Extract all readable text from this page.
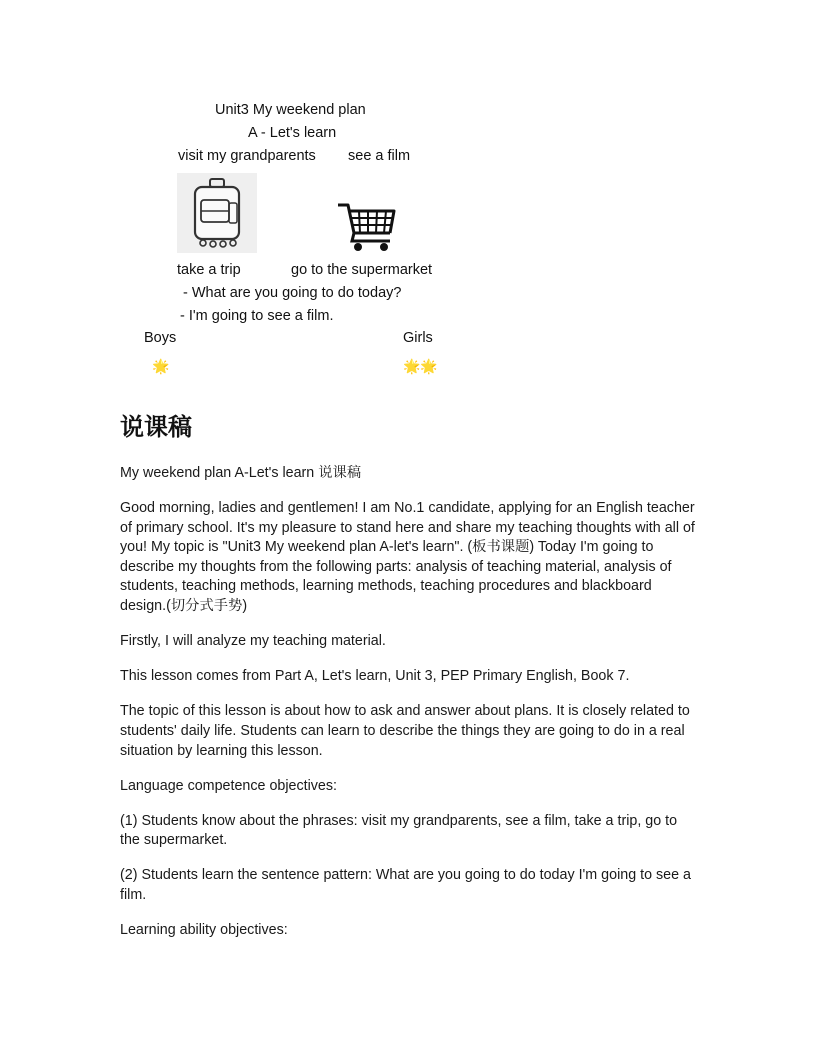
Unit3 My weekend plan
A - Let's learn
visit my grandparents see a film
take a trip	go to the supermarket
- What are you going to do today?
- I'm going to see a film.
Boys	Girls
🌟	🌟🌟
说课稿

My weekend plan A-Let's learn 说课稿

Good morning, ladies and gentlemen! I am No.1 candidate, applying for an English teacher of primary school. It's my pleasure to stand here and share my teaching thoughts with all of you! My topic is "Unit3 My weekend plan A-let's learn". (板书课题) Today I'm going to describe my thoughts from the following parts: analysis of teaching material, analysis of students, teaching methods, learning methods, teaching procedures and blackboard design.(切分式手势)

Firstly, I will analyze my teaching material.

This lesson comes from Part A, Let's learn, Unit 3, PEP Primary English, Book 7.

The topic of this lesson is about how to ask and answer about plans. It is closely related to students' daily life. Students can learn to describe the things they are going to do in a real situation by learning this lesson.

Language competence objectives:

(1) Students know about the phrases: visit my grandparents, see a film, take a trip, go to the supermarket.

(2) Students learn the sentence pattern: What are you going to do today I'm going to see a film.

Learning ability objectives:
